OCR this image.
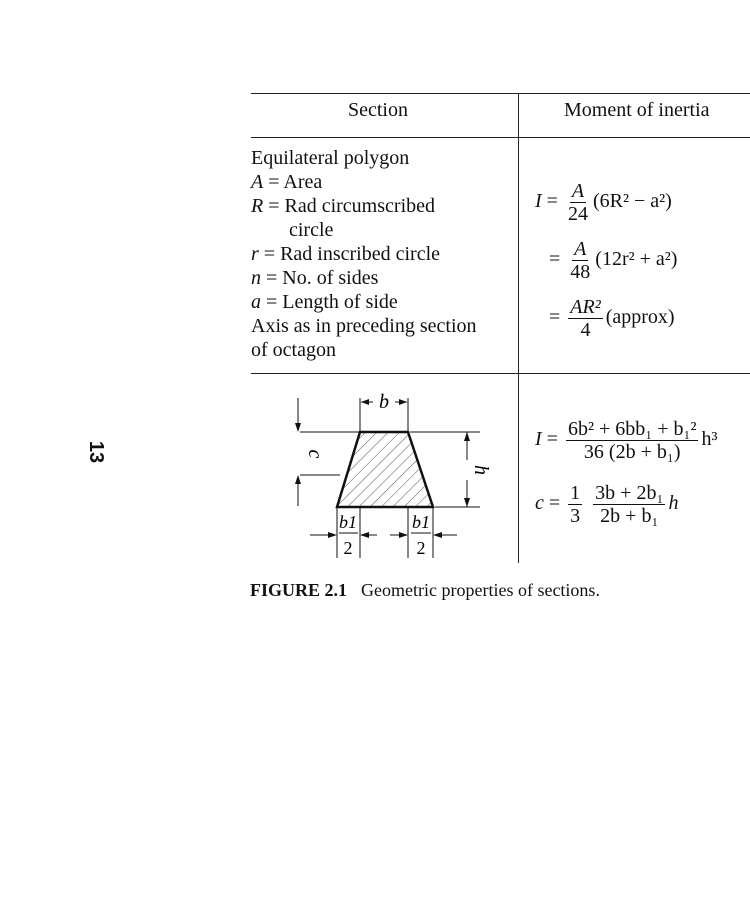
13
Section	Moment of inertia
Equilateral polygon
A = Area
R = Rad circumscribed
circle
r = Rad inscribed circle
n = No. of sides
a = Length of side
Axis as in preceding section
of octagon
$I = \frac{A}{24} (6R^2 - a^2)$
= $\frac{A}{48} (12r^2 + a^2)$
= $\frac{\text{AR²}}{4}$ (approx)
b
c
h
b1
2
b1
2
$I = \frac{\text{6b² + 6bb₁ + b₁²}}{\text{36 (2b + b₁)}} h^3$
$c = \frac{1}{3}$
$\frac{\text{3b + 2b₁}}{\text{2b + b₁}}$ h
FIGURE 2.1 Geometric properties of sections.
